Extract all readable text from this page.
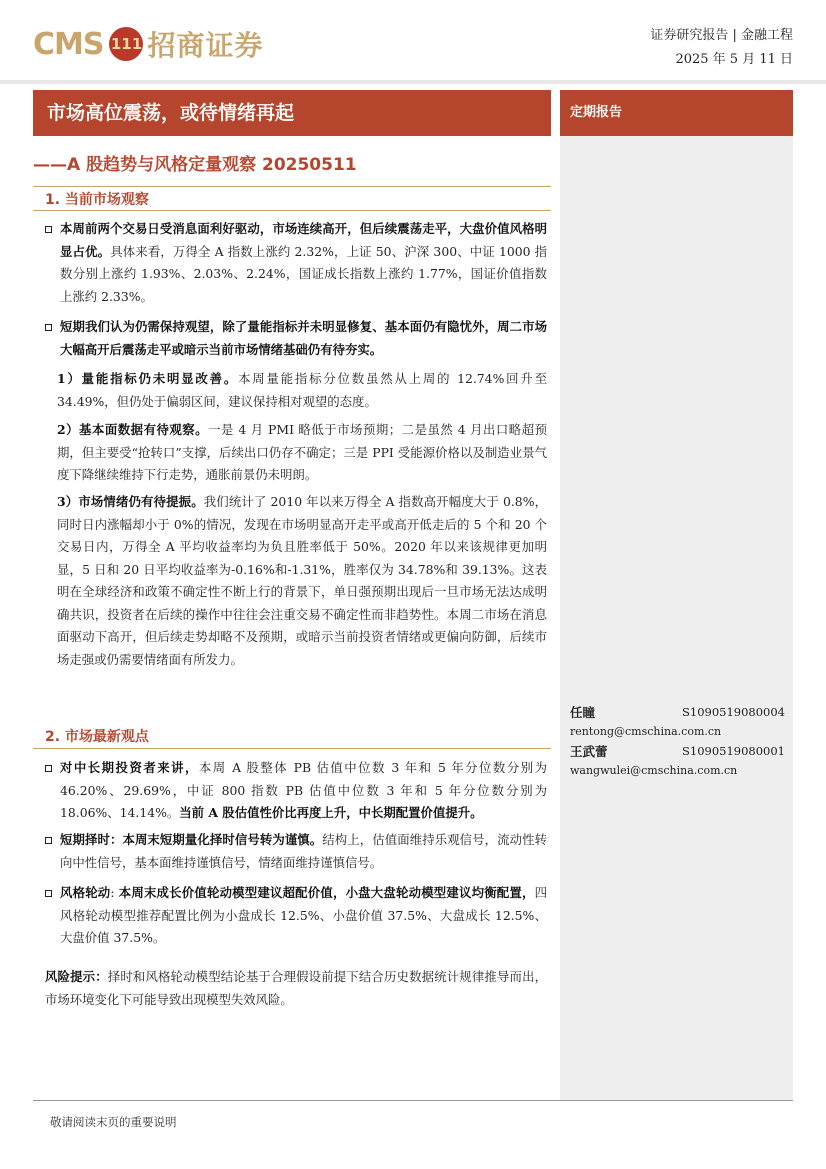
CMS 111 招商证券	证券研究报告 | 金融工程
2025 年 5 月 11 日
市场高位震荡，或待情绪再起
——A 股趋势与风格定量观察 20250511
定期报告
任瞳	S1090519080004
rentong@cmschina.com.cn
王武蕾	S1090519080001
wangwulei@cmschina.com.cn
1. 当前市场观察
本周前两个交易日受消息面利好驱动，市场连续高开，但后续震荡走平，大盘价值风格明显占优。具体来看，万得全 A 指数上涨约 2.32%，上证 50、沪深 300、中证 1000 指数分别上涨约 1.93%、2.03%、2.24%，国证成长指数上涨约 1.77%，国证价值指数上涨约 2.33%。
短期我们认为仍需保持观望，除了量能指标并未明显修复、基本面仍有隐忧外，周二市场大幅高开后震荡走平或暗示当前市场情绪基础仍有待夯实。
1）量能指标仍未明显改善。本周量能指标分位数虽然从上周的 12.74%回升至 34.49%，但仍处于偏弱区间，建议保持相对观望的态度。
2）基本面数据有待观察。一是 4 月 PMI 略低于市场预期；二是虽然 4 月出口略超预期，但主要受“抢转口”支撑，后续出口仍存不确定；三是 PPI 受能源价格以及制造业景气度下降继续维持下行走势，通胀前景仍未明朗。
3）市场情绪仍有待提振。我们统计了 2010 年以来万得全 A 指数高开幅度大于 0.8%，同时日内涨幅却小于 0%的情况，发现在市场明显高开走平或高开低走后的 5 个和 20 个交易日内，万得全 A 平均收益率均为负且胜率低于 50%。2020 年以来该规律更加明显，5 日和 20 日平均收益率为-0.16%和-1.31%，胜率仅为 34.78%和 39.13%。这表明在全球经济和政策不确定性不断上行的背景下，单日强预期出现后一旦市场无法达成明确共识，投资者在后续的操作中往往会注重交易不确定性而非趋势性。本周二市场在消息面驱动下高开，但后续走势却略不及预期，或暗示当前投资者情绪或更偏向防御，后续市场走强或仍需要情绪面有所发力。
2. 市场最新观点
对中长期投资者来讲，本周 A 股整体 PB 估值中位数 3 年和 5 年分位数分别为 46.20%、29.69%，中证 800 指数 PB 估值中位数 3 年和 5 年分位数分别为 18.06%、14.14%。当前 A 股估值性价比再度上升，中长期配置价值提升。
短期择时：本周末短期量化择时信号转为谨慎。结构上，估值面维持乐观信号，流动性转向中性信号，基本面维持谨慎信号，情绪面维持谨慎信号。
风格轮动: 本周末成长价值轮动模型建议超配价值，小盘大盘轮动模型建议均衡配置，四风格轮动模型推荐配置比例为小盘成长 12.5%、小盘价值 37.5%、大盘成长 12.5%、大盘价值 37.5%。
风险提示：择时和风格轮动模型结论基于合理假设前提下结合历史数据统计规律推导而出，市场环境变化下可能导致出现模型失效风险。
敬请阅读末页的重要说明
